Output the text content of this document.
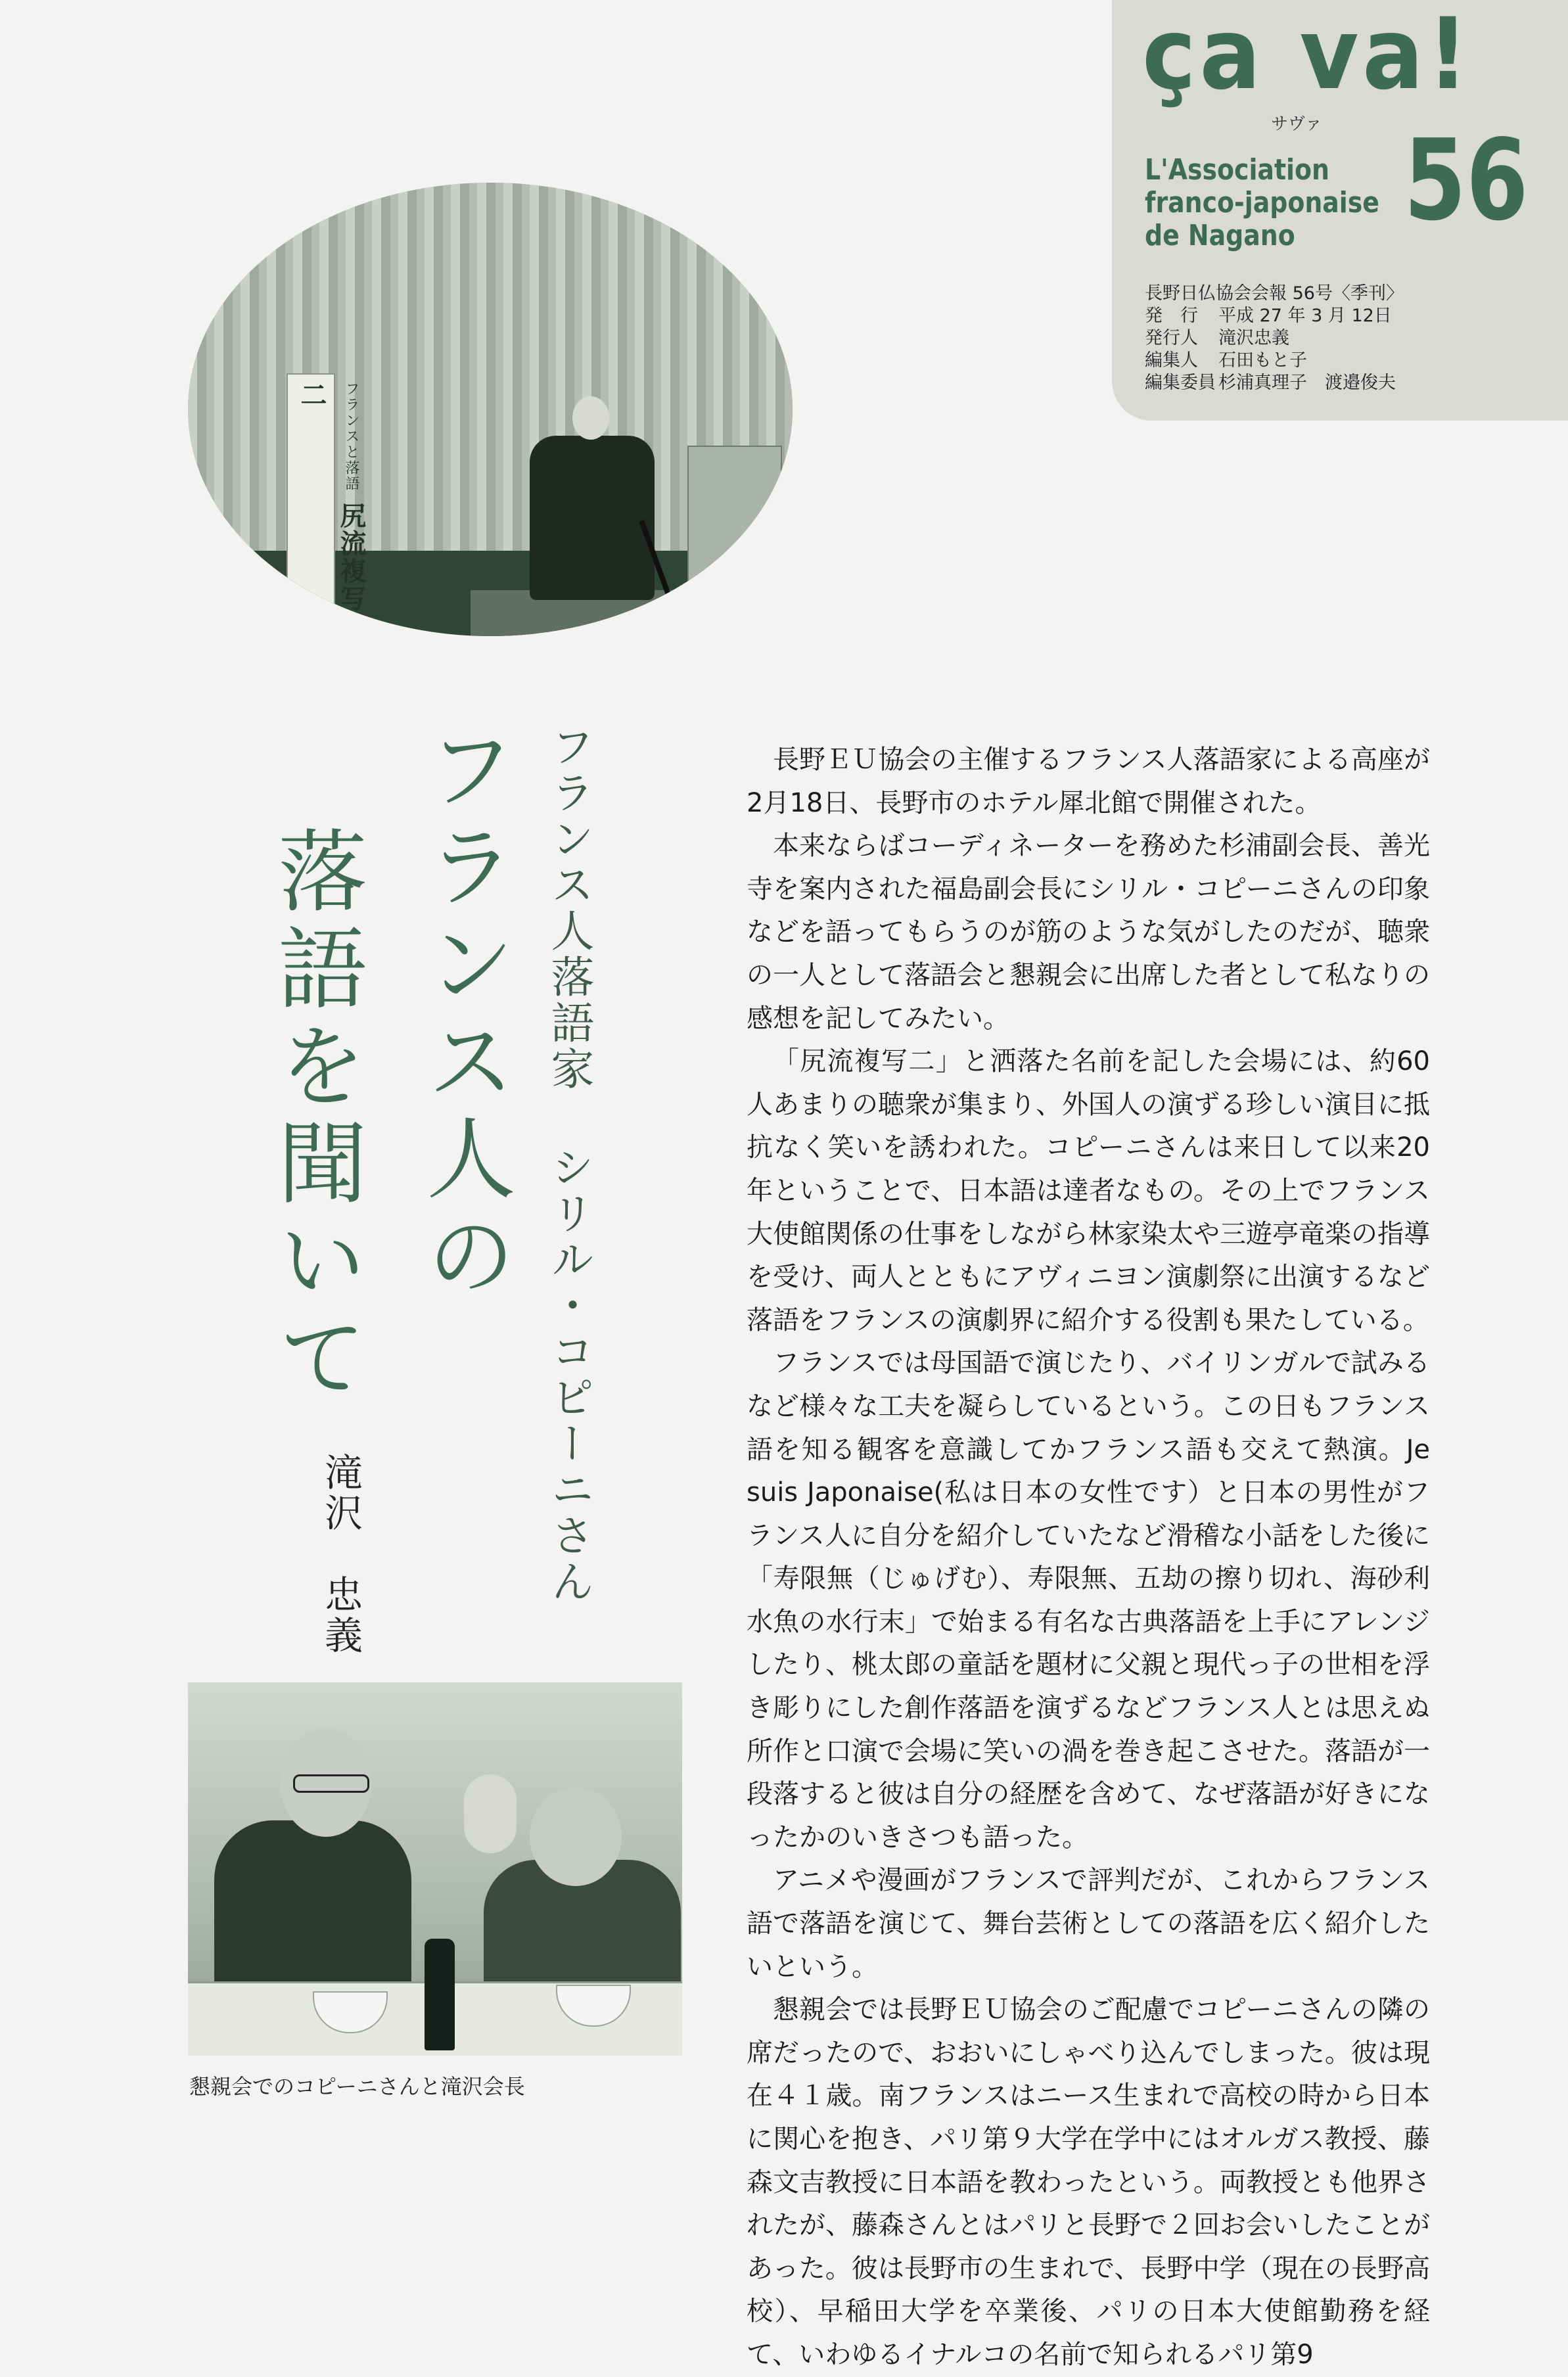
ça va!
サヴァ 56
L'Association
franco-japonaise
de Nagano
長野日仏協会会報 56号〈季刊〉
発　行 平成 27 年 3 月 12日
発行人 滝沢忠義
編集人 石田もと子
編集委員 杉浦真理子　渡邉俊夫
フランスと落語 尻流複写二
フランス人落語家シリル・コピーニさん
フランス人の
落語を聞いて
滝沢　忠義

長野ＥＵ協会の主催するフランス人落語家による高座が2月18日、長野市のホテル犀北館で開催された。

本来ならばコーディネーターを務めた杉浦副会長、善光寺を案内された福島副会長にシリル・コピーニさんの印象などを語ってもらうのが筋のような気がしたのだが、聴衆の一人として落語会と懇親会に出席した者として私なりの感想を記してみたい。

「尻流複写二」と洒落た名前を記した会場には、約60人あまりの聴衆が集まり、外国人の演ずる珍しい演目に抵抗なく笑いを誘われた。コピーニさんは来日して以来20年ということで、日本語は達者なもの。その上でフランス大使館関係の仕事をしながら林家染太や三遊亭竜楽の指導を受け、両人とともにアヴィニヨン演劇祭に出演するなど落語をフランスの演劇界に紹介する役割も果たしている。

フランスでは母国語で演じたり、バイリンガルで試みるなど様々な工夫を凝らしているという。この日もフランス語を知る観客を意識してかフランス語も交えて熱演。Je suis Japonaise(私は日本の女性です）と日本の男性がフランス人に自分を紹介していたなど滑稽な小話をした後に「寿限無（じゅげむ）、寿限無、五劫の擦り切れ、海砂利水魚の水行末」で始まる有名な古典落語を上手にアレンジしたり、桃太郎の童話を題材に父親と現代っ子の世相を浮き彫りにした創作落語を演ずるなどフランス人とは思えぬ所作と口演で会場に笑いの渦を巻き起こさせた。落語が一段落すると彼は自分の経歴を含めて、なぜ落語が好きになったかのいきさつも語った。

アニメや漫画がフランスで評判だが、これからフランス語で落語を演じて、舞台芸術としての落語を広く紹介したいという。

懇親会では長野ＥＵ協会のご配慮でコピーニさんの隣の席だったので、おおいにしゃべり込んでしまった。彼は現在４１歳。南フランスはニース生まれで高校の時から日本に関心を抱き、パリ第９大学在学中にはオルガス教授、藤森文吉教授に日本語を教わったという。両教授とも他界されたが、藤森さんとはパリと長野で２回お会いしたことがあった。彼は長野市の生まれで、長野中学（現在の長野高校）、早稲田大学を卒業後、パリの日本大使館勤務を経て、いわゆるイナルコの名前で知られるパリ第9

懇親会でのコピーニさんと滝沢会長
